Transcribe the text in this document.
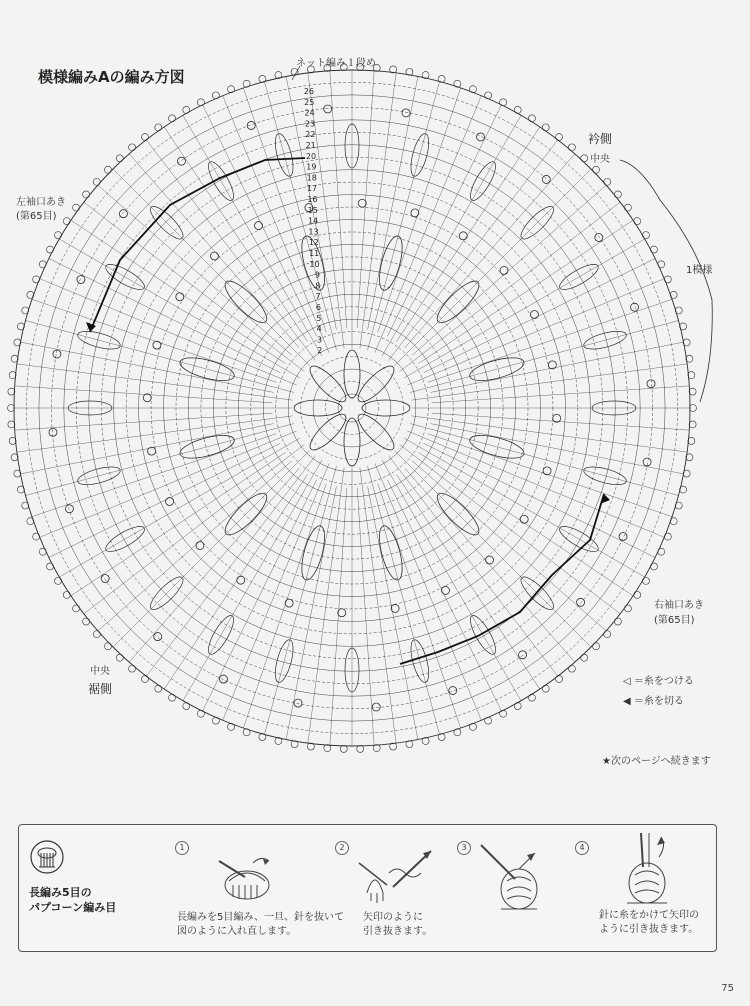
26
25
24
23
22
21
20
19
18
17
16
15
14
13
12
11
10
9
8
7
6
5
4
3
2
模様編みAの編み方図
ネット編み１段め
衿側
中央
1模様
左袖口あき
(第65目)
右袖口あき
(第65目)
中央
裾側
◁ ＝糸をつける
◀ ＝糸を切る
★次のページへ続きます
長編み5目の
パプコーン編み目
1
長編みを5目編み、一旦、針を抜いて
図のように入れ直します。
2
矢印のように
引き抜きます。
3	4
針に糸をかけて矢印の
ように引き抜きます。
75
